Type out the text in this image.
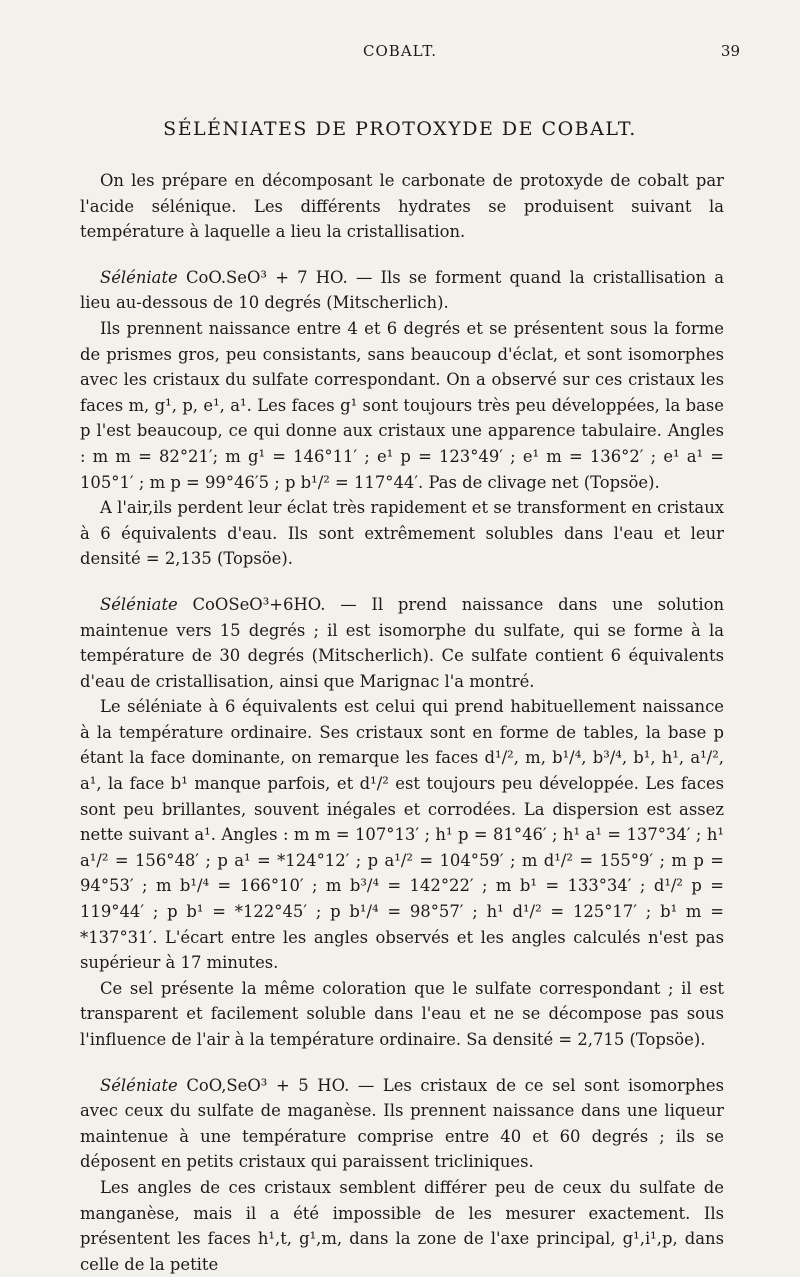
COBALT.	39
SÉLÉNIATES DE PROTOXYDE DE COBALT.

On les prépare en décomposant le carbonate de protoxyde de cobalt par l'acide sélénique. Les différents hydrates se produisent suivant la température à laquelle a lieu la cristallisation.

Séléniate CoO.SeO³ + 7 HO. — Ils se forment quand la cristallisation a lieu au-dessous de 10 degrés (Mitscherlich).

Ils prennent naissance entre 4 et 6 degrés et se présentent sous la forme de prismes gros, peu consistants, sans beaucoup d'éclat, et sont isomorphes avec les cristaux du sulfate correspondant. On a observé sur ces cristaux les faces m, g¹, p, e¹, a¹. Les faces g¹ sont toujours très peu développées, la base p l'est beaucoup, ce qui donne aux cristaux une apparence tabulaire. Angles : m m = 82°21′; m g¹ = 146°11′ ; e¹ p = 123°49′ ; e¹ m = 136°2′ ; e¹ a¹ = 105°1′ ; m p = 99°46′5 ; p b¹/² = 117°44′. Pas de clivage net (Topsöe).

A l'air,ils perdent leur éclat très rapidement et se transforment en cristaux à 6 équivalents d'eau. Ils sont extrêmement solubles dans l'eau et leur densité = 2,135 (Topsöe).

Séléniate CoOSeO³+6HO. — Il prend naissance dans une solution maintenue vers 15 degrés ; il est isomorphe du sulfate, qui se forme à la température de 30 degrés (Mitscherlich). Ce sulfate contient 6 équivalents d'eau de cristallisation, ainsi que Marignac l'a montré.

Le séléniate à 6 équivalents est celui qui prend habituellement naissance à la température ordinaire. Ses cristaux sont en forme de tables, la base p étant la face dominante, on remarque les faces d¹/², m, b¹/⁴, b³/⁴, b¹, h¹, a¹/², a¹, la face b¹ manque parfois, et d¹/² est toujours peu développée. Les faces sont peu brillantes, souvent inégales et corrodées. La dispersion est assez nette suivant a¹. Angles : m m = 107°13′ ; h¹ p = 81°46′ ; h¹ a¹ = 137°34′ ; h¹ a¹/² = 156°48′ ; p a¹ = *124°12′ ; p a¹/² = 104°59′ ; m d¹/² = 155°9′ ; m p = 94°53′ ; m b¹/⁴ = 166°10′ ; m b³/⁴ = 142°22′ ; m b¹ = 133°34′ ; d¹/² p = 119°44′ ; p b¹ = *122°45′ ; p b¹/⁴ = 98°57′ ; h¹ d¹/² = 125°17′ ; b¹ m = *137°31′. L'écart entre les angles observés et les angles calculés n'est pas supérieur à 17 minutes.

Ce sel présente la même coloration que le sulfate correspondant ; il est transparent et facilement soluble dans l'eau et ne se décompose pas sous l'influence de l'air à la température ordinaire. Sa densité = 2,715 (Topsöe).

Séléniate CoO,SeO³ + 5 HO. — Les cristaux de ce sel sont isomorphes avec ceux du sulfate de maganèse. Ils prennent naissance dans une liqueur maintenue à une température comprise entre 40 et 60 degrés ; ils se déposent en petits cristaux qui paraissent tricliniques.

Les angles de ces cristaux semblent différer peu de ceux du sulfate de manganèse, mais il a été impossible de les mesurer exactement. Ils présentent les faces h¹,t, g¹,m, dans la zone de l'axe principal, g¹,i¹,p, dans celle de la petite
